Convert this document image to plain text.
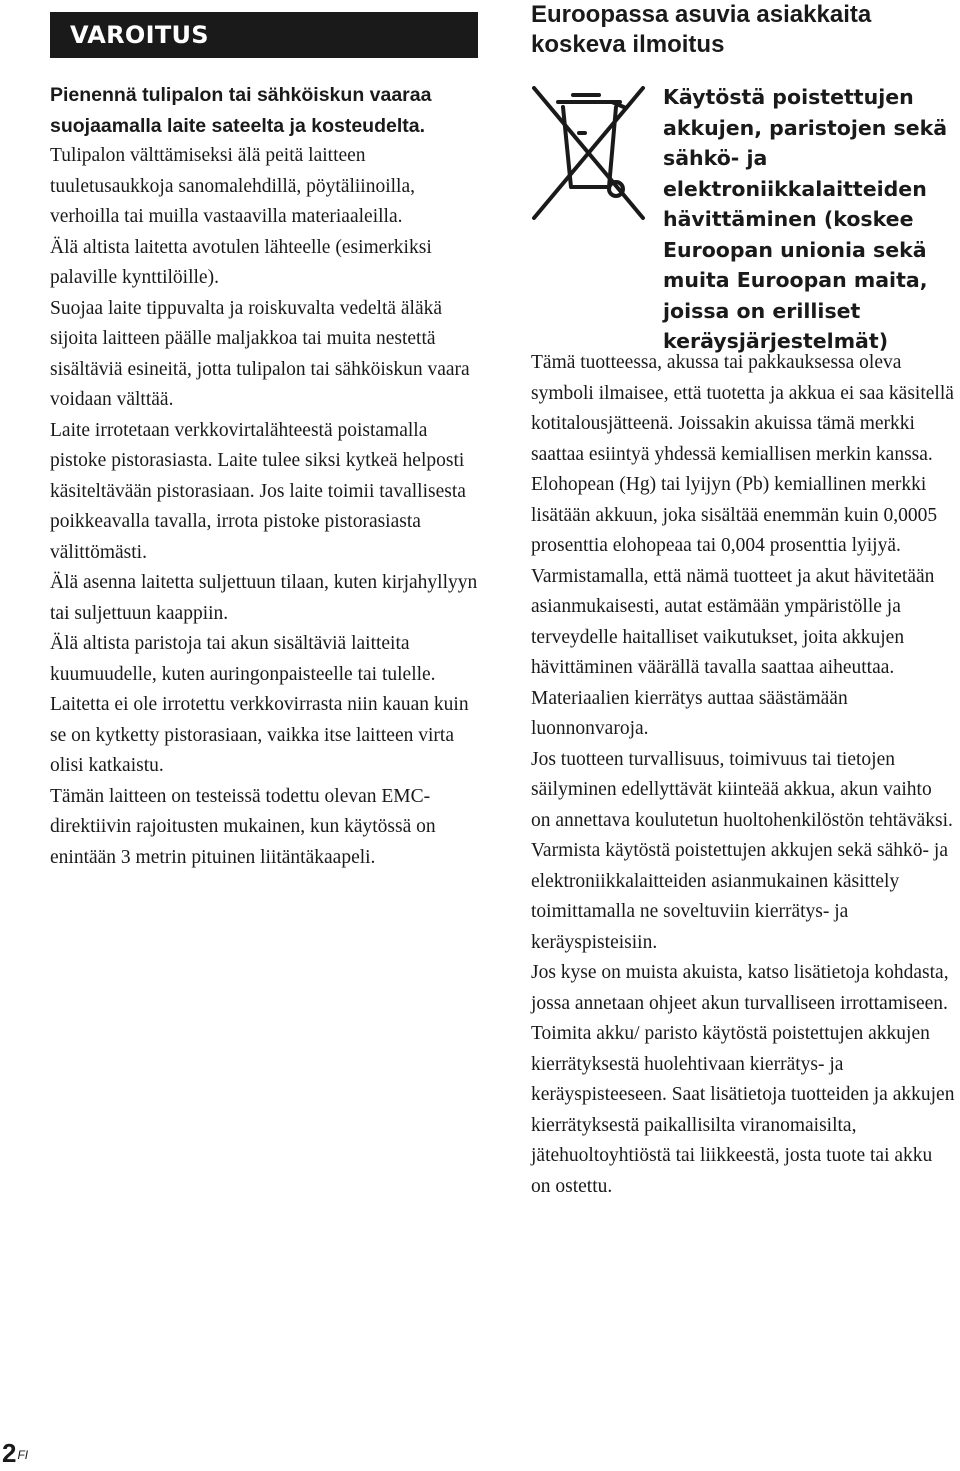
VAROITUS
Pienennä tulipalon tai sähköiskun vaaraa suojaamalla laite sateelta ja kosteudelta.

Tulipalon välttämiseksi älä peitä laitteen tuuletusaukkoja sanomalehdillä, pöytäliinoilla, verhoilla tai muilla vastaavilla materiaaleilla.

Älä altista laitetta avotulen lähteelle (esimerkiksi palaville kynttilöille).

Suojaa laite tippuvalta ja roiskuvalta vedeltä äläkä sijoita laitteen päälle maljakkoa tai muita nestettä sisältäviä esineitä, jotta tulipalon tai sähköiskun vaara voidaan välttää.

Laite irrotetaan verkkovirtalähteestä poistamalla pistoke pistorasiasta. Laite tulee siksi kytkeä helposti käsiteltävään pistorasiaan. Jos laite toimii tavallisesta poikkeavalla tavalla, irrota pistoke pistorasiasta välittömästi.

Älä asenna laitetta suljettuun tilaan, kuten kirjahyllyyn tai suljettuun kaappiin.

Älä altista paristoja tai akun sisältäviä laitteita kuumuudelle, kuten auringonpaisteelle tai tulelle.

Laitetta ei ole irrotettu verkkovirrasta niin kauan kuin se on kytketty pistorasiaan, vaikka itse laitteen virta olisi katkaistu.

Tämän laitteen on testeissä todettu olevan EMC-direktiivin rajoitusten mukainen, kun käytössä on enintään 3 metrin pituinen liitäntäkaapeli.

Euroopassa asuvia asiakkaita koskeva ilmoitus
Käytöstä poistettujen akkujen, paristojen sekä sähkö- ja elektroniikkalaitteiden hävittäminen (koskee Euroopan unionia sekä muita Euroopan maita, joissa on erilliset keräysjärjestelmät)

Tämä tuotteessa, akussa tai pakkauksessa oleva symboli ilmaisee, että tuotetta ja akkua ei saa käsitellä kotitalousjätteenä. Joissakin akuissa tämä merkki saattaa esiintyä yhdessä kemiallisen merkin kanssa. Elohopean (Hg) tai lyijyn (Pb) kemiallinen merkki lisätään akkuun, joka sisältää enemmän kuin 0,0005 prosenttia elohopeaa tai 0,004 prosenttia lyijyä. Varmistamalla, että nämä tuotteet ja akut hävitetään asianmukaisesti, autat estämään ympäristölle ja terveydelle haitalliset vaikutukset, joita akkujen hävittäminen väärällä tavalla saattaa aiheuttaa. Materiaalien kierrätys auttaa säästämään luonnonvaroja.

Jos tuotteen turvallisuus, toimivuus tai tietojen säilyminen edellyttävät kiinteää akkua, akun vaihto on annettava koulutetun huoltohenkilöstön tehtäväksi. Varmista käytöstä poistettujen akkujen sekä sähkö- ja elektroniikkalaitteiden asianmukainen käsittely toimittamalla ne soveltuviin kierrätys- ja keräyspisteisiin.

Jos kyse on muista akuista, katso lisätietoja kohdasta, jossa annetaan ohjeet akun turvalliseen irrottamiseen. Toimita akku/ paristo käytöstä poistettujen akkujen kierrätyksestä huolehtivaan kierrätys- ja keräyspisteeseen. Saat lisätietoja tuotteiden ja akkujen kierrätyksestä paikallisilta viranomaisilta, jätehuoltoyhtiöstä tai liikkeestä, josta tuote tai akku on ostettu.

$2^{FI}$
